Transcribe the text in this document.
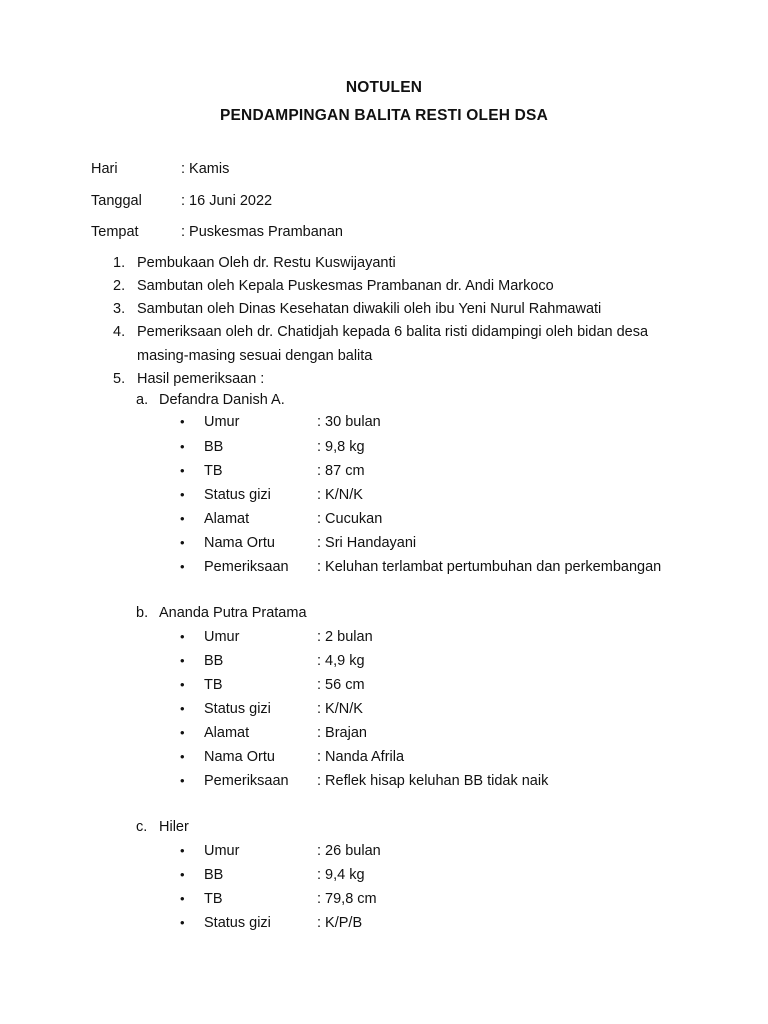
NOTULEN
PENDAMPINGAN BALITA RESTI OLEH DSA
Hari	: Kamis
Tanggal	: 16 Juni 2022
Tempat	: Puskesmas Prambanan
1. Pembukaan Oleh dr. Restu Kuswijayanti
2. Sambutan oleh Kepala Puskesmas Prambanan dr. Andi Markoco
3. Sambutan oleh Dinas Kesehatan diwakili oleh ibu Yeni Nurul Rahmawati
4. Pemeriksaan oleh dr. Chatidjah kepada 6 balita risti didampingi oleh bidan desa masing-masing sesuai dengan balita
5. Hasil pemeriksaan :
a. Defandra Danish A.
• Umur	: 30 bulan
• BB	: 9,8 kg
• TB	: 87 cm
• Status gizi	: K/N/K
• Alamat	: Cucukan
• Nama Ortu	: Sri Handayani
• Pemeriksaan : Keluhan terlambat pertumbuhan dan perkembangan
b. Ananda Putra Pratama
• Umur	: 2 bulan
• BB	: 4,9 kg
• TB	: 56 cm
• Status gizi	: K/N/K
• Alamat	: Brajan
• Nama Ortu	: Nanda Afrila
• Pemeriksaan : Reflek hisap keluhan BB tidak naik
c. Hiler
• Umur	: 26 bulan
• BB	: 9,4 kg
• TB	: 79,8 cm
• Status gizi	: K/P/B
